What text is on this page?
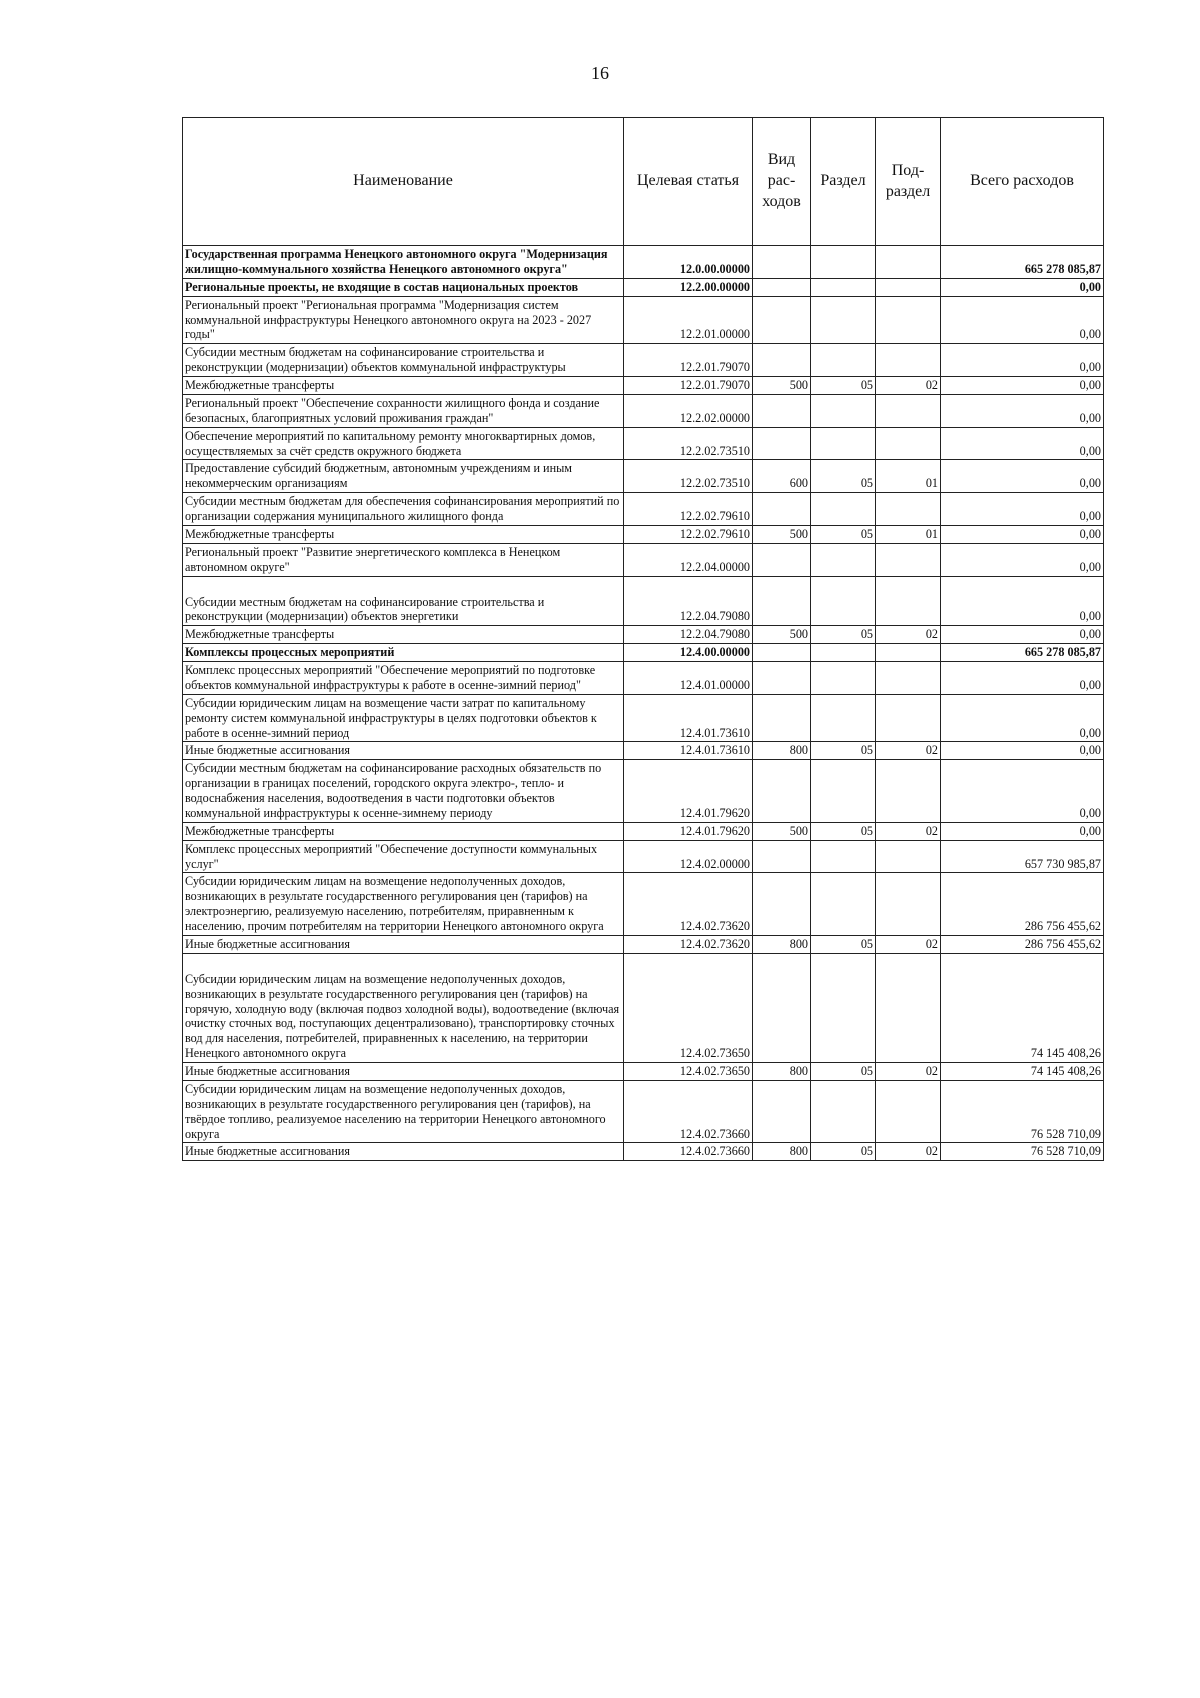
16
Наименование	Целевая статья	Вид рас-ходов	Раздел	Под-раздел	Всего расходов
Государственная программа Ненецкого автономного округа "Модернизация жилищно-коммунального хозяйства Ненецкого автономного округа"	12.0.00.00000				665 278 085,87
Региональные проекты, не входящие в состав национальных проектов	12.2.00.00000				0,00
Региональный проект "Региональная программа "Модернизация систем коммунальной инфраструктуры Ненецкого автономного округа на 2023 - 2027 годы"	12.2.01.00000				0,00
Субсидии местным бюджетам на софинансирование строительства и реконструкции (модернизации) объектов коммунальной инфраструктуры	12.2.01.79070				0,00
Межбюджетные трансферты	12.2.01.79070	500	05	02	0,00
Региональный проект "Обеспечение сохранности жилищного фонда и создание безопасных, благоприятных условий проживания граждан"	12.2.02.00000				0,00
Обеспечение мероприятий по капитальному ремонту многоквартирных домов, осуществляемых за счёт средств окружного бюджета	12.2.02.73510				0,00
Предоставление субсидий бюджетным, автономным учреждениям и иным некоммерческим организациям	12.2.02.73510	600	05	01	0,00
Субсидии местным бюджетам для обеспечения софинансирования мероприятий по организации содержания муниципального жилищного фонда	12.2.02.79610				0,00
Межбюджетные трансферты	12.2.02.79610	500	05	01	0,00
Региональный проект "Развитие энергетического комплекса в Ненецком автономном округе"	12.2.04.00000				0,00
Субсидии местным бюджетам на софинансирование строительства и реконструкции (модернизации) объектов энергетики	12.2.04.79080				0,00
Межбюджетные трансферты	12.2.04.79080	500	05	02	0,00
Комплексы процессных мероприятий	12.4.00.00000				665 278 085,87
Комплекс процессных мероприятий "Обеспечение мероприятий по подготовке объектов коммунальной инфраструктуры к работе в осенне-зимний период"	12.4.01.00000				0,00
Субсидии юридическим лицам на возмещение части затрат по капитальному ремонту систем коммунальной инфраструктуры в целях подготовки объектов к работе в осенне-зимний период	12.4.01.73610				0,00
Иные бюджетные ассигнования	12.4.01.73610	800	05	02	0,00
Субсидии местным бюджетам на софинансирование расходных обязательств по организации в границах поселений, городского округа электро-, тепло- и водоснабжения населения, водоотведения в части подготовки объектов коммунальной инфраструктуры к осенне-зимнему периоду	12.4.01.79620				0,00
Межбюджетные трансферты	12.4.01.79620	500	05	02	0,00
Комплекс процессных мероприятий "Обеспечение доступности коммунальных услуг"	12.4.02.00000				657 730 985,87
Субсидии юридическим лицам на возмещение недополученных доходов, возникающих в результате государственного регулирования цен (тарифов) на электроэнергию, реализуемую населению, потребителям, приравненным к населению, прочим потребителям на территории Ненецкого автономного округа	12.4.02.73620				286 756 455,62
Иные бюджетные ассигнования	12.4.02.73620	800	05	02	286 756 455,62
Субсидии юридическим лицам на возмещение недополученных доходов, возникающих в результате государственного регулирования цен (тарифов) на горячую, холодную воду (включая подвоз холодной воды), водоотведение (включая очистку сточных вод, поступающих децентрализовано), транспортировку сточных вод для населения, потребителей, приравненных к населению, на территории Ненецкого автономного округа	12.4.02.73650				74 145 408,26
Иные бюджетные ассигнования	12.4.02.73650	800	05	02	74 145 408,26
Субсидии юридическим лицам на возмещение недополученных доходов, возникающих в результате государственного регулирования цен (тарифов), на твёрдое топливо, реализуемое населению на территории Ненецкого автономного округа	12.4.02.73660				76 528 710,09
Иные бюджетные ассигнования	12.4.02.73660	800	05	02	76 528 710,09
